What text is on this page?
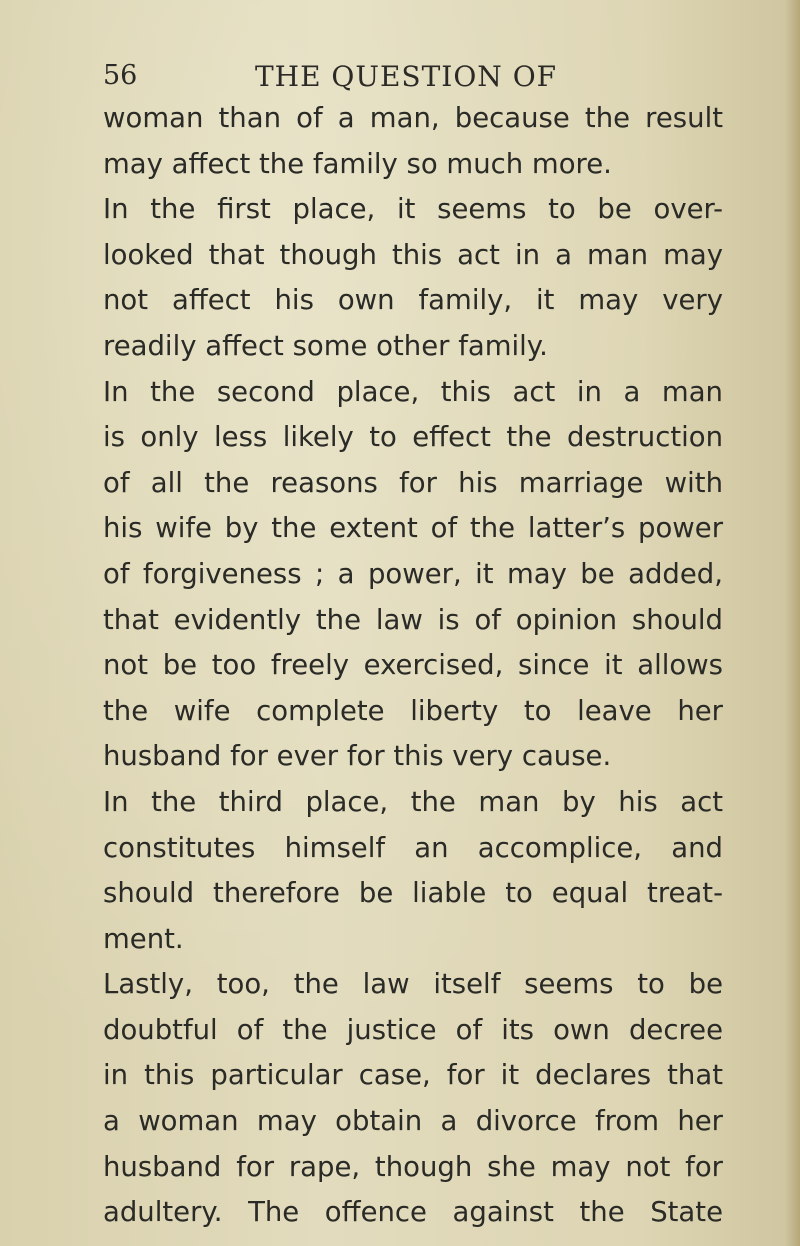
56	THE QUESTION OF
woman than of a man, because the result
may affect the family so much more.
In the first place, it seems to be over-
looked that though this act in a man may
not affect his own family, it may very
readily affect some other family.
In the second place, this act in a man
is only less likely to effect the destruction
of all the reasons for his marriage with
his wife by the extent of the latter’s power
of forgiveness ; a power, it may be added,
that evidently the law is of opinion should
not be too freely exercised, since it allows
the wife complete liberty to leave her
husband for ever for this very cause.
In the third place, the man by his act
constitutes himself an accomplice, and
should therefore be liable to equal treat-
ment.
Lastly, too, the law itself seems to be
doubtful of the justice of its own decree
in this particular case, for it declares that
a woman may obtain a divorce from her
husband for rape, though she may not for
adultery. The offence against the State
